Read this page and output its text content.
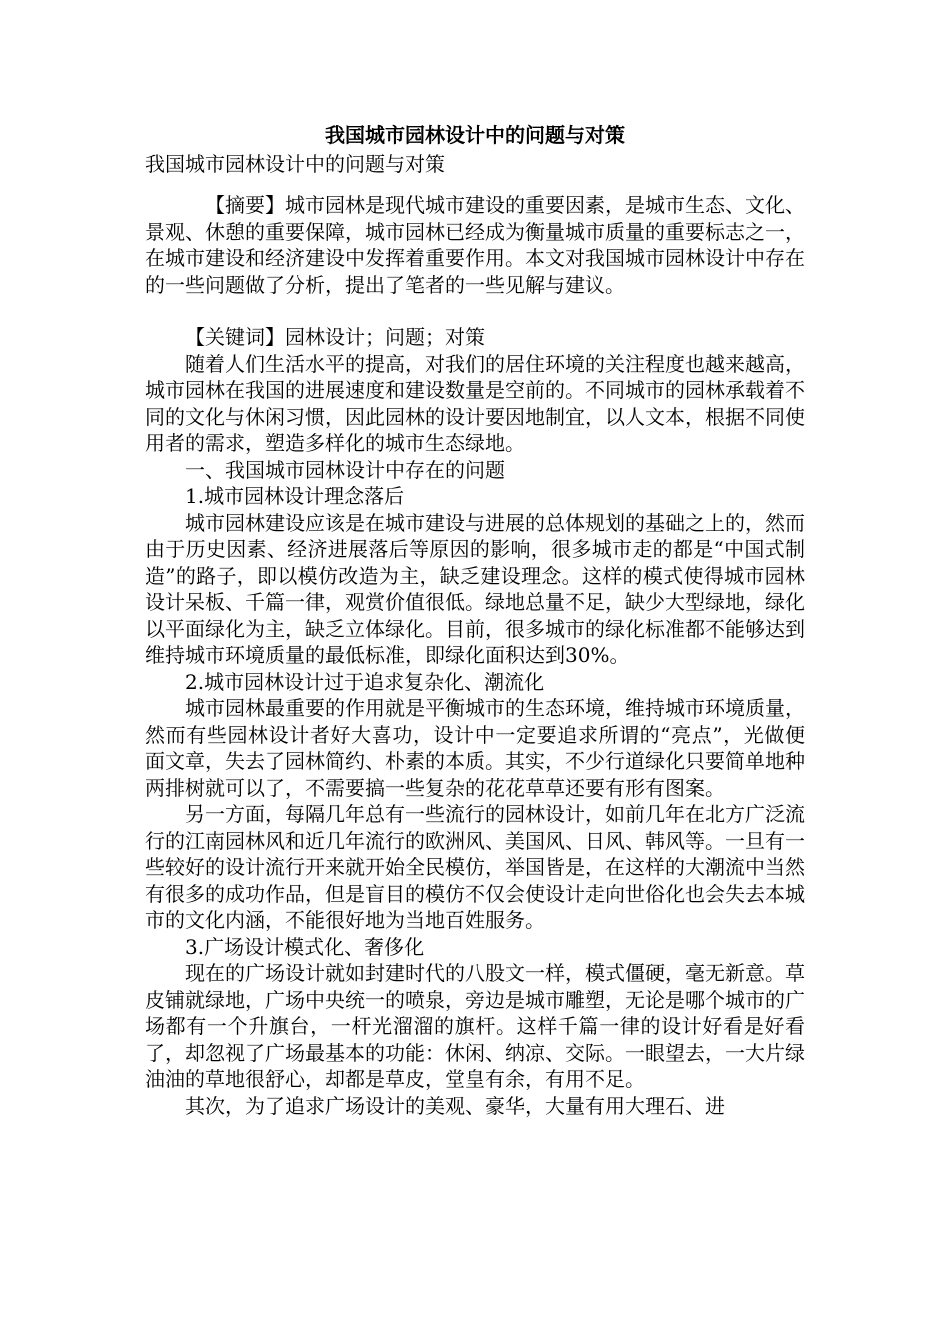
我国城市园林设计中的问题与对策

我国城市园林设计中的问题与对策

【摘要】城市园林是现代城市建设的重要因素，是城市生态、文化、景观、休憩的重要保障，城市园林已经成为衡量城市质量的重要标志之一，在城市建设和经济建设中发挥着重要作用。本文对我国城市园林设计中存在的一些问题做了分析，提出了笔者的一些见解与建议。

【关键词】园林设计；问题；对策

随着人们生活水平的提高，对我们的居住环境的关注程度也越来越高，城市园林在我国的进展速度和建设数量是空前的。不同城市的园林承载着不同的文化与休闲习惯，因此园林的设计要因地制宜，以人文本，根据不同使用者的需求，塑造多样化的城市生态绿地。

一、我国城市园林设计中存在的问题

1.城市园林设计理念落后

城市园林建设应该是在城市建设与进展的总体规划的基础之上的，然而由于历史因素、经济进展落后等原因的影响，很多城市走的都是“中国式制造”的路子，即以模仿改造为主，缺乏建设理念。这样的模式使得城市园林设计呆板、千篇一律，观赏价值很低。绿地总量不足，缺少大型绿地，绿化以平面绿化为主，缺乏立体绿化。目前，很多城市的绿化标准都不能够达到维持城市环境质量的最低标准，即绿化面积达到30%。

2.城市园林设计过于追求复杂化、潮流化

城市园林最重要的作用就是平衡城市的生态环境，维持城市环境质量，然而有些园林设计者好大喜功，设计中一定要追求所谓的“亮点”，光做便面文章，失去了园林简约、朴素的本质。其实，不少行道绿化只要简单地种两排树就可以了，不需要搞一些复杂的花花草草还要有形有图案。

另一方面，每隔几年总有一些流行的园林设计，如前几年在北方广泛流行的江南园林风和近几年流行的欧洲风、美国风、日风、韩风等。一旦有一些较好的设计流行开来就开始全民模仿，举国皆是，在这样的大潮流中当然有很多的成功作品，但是盲目的模仿不仅会使设计走向世俗化也会失去本城市的文化内涵，不能很好地为当地百姓服务。

3.广场设计模式化、奢侈化

现在的广场设计就如封建时代的八股文一样，模式僵硬，毫无新意。草皮铺就绿地，广场中央统一的喷泉，旁边是城市雕塑，无论是哪个城市的广场都有一个升旗台，一杆光溜溜的旗杆。这样千篇一律的设计好看是好看了，却忽视了广场最基本的功能：休闲、纳凉、交际。一眼望去，一大片绿油油的草地很舒心，却都是草皮，堂皇有余，有用不足。

其次，为了追求广场设计的美观、豪华，大量有用大理石、进
